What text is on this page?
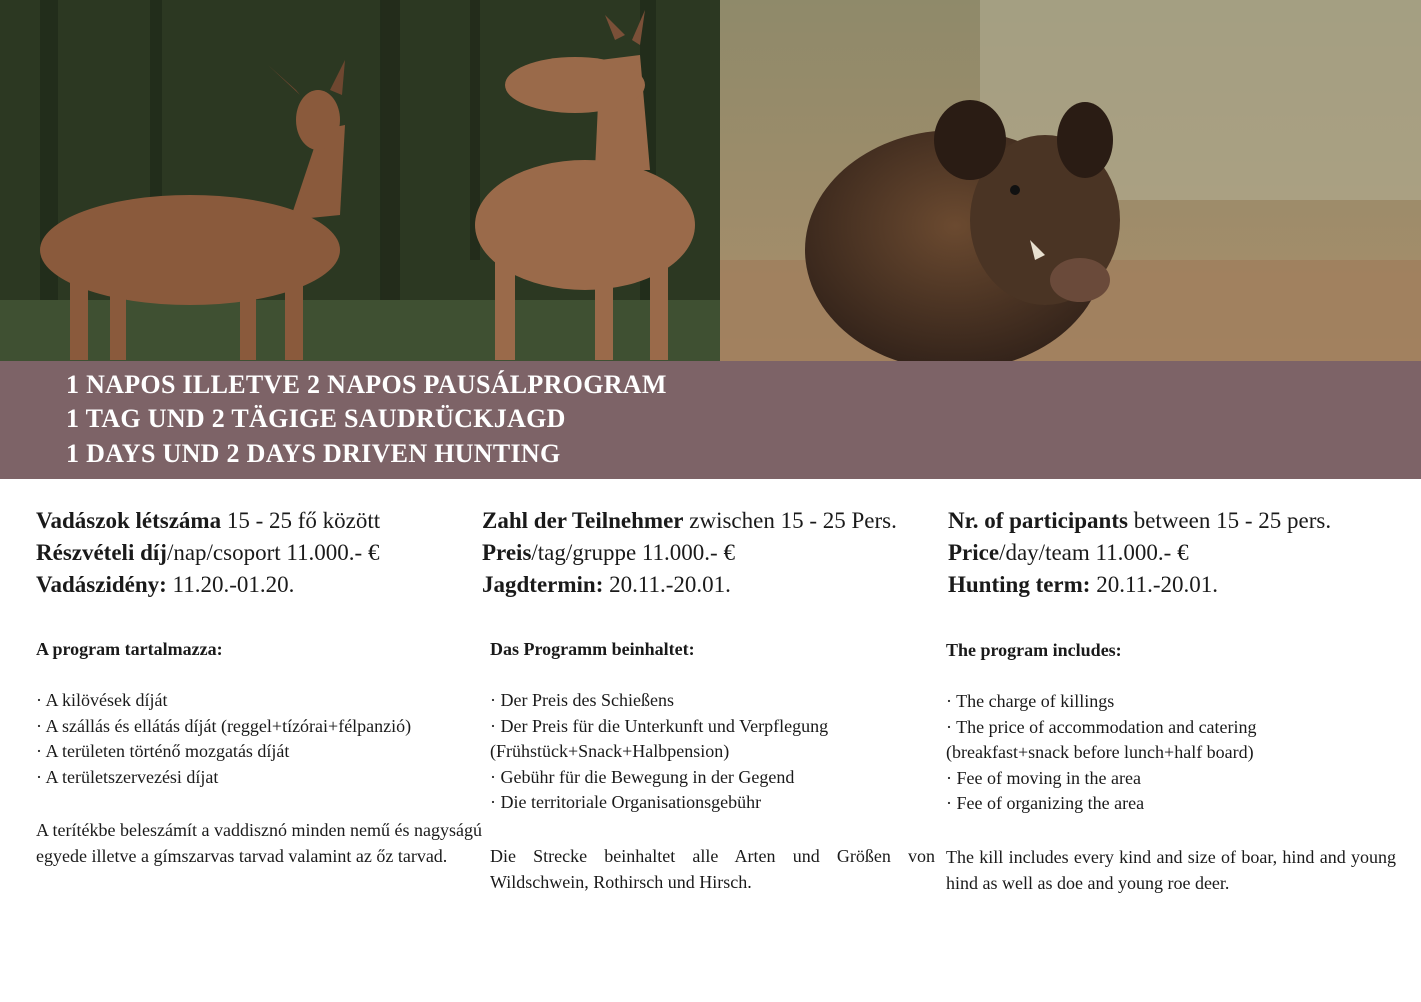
1 NAPOS ILLETVE 2 NAPOS PAUSÁLPROGRAM
1 TAG UND 2 TÄGIGE SAUDRÜCKJAGD
1 DAYS UND 2 DAYS DRIVEN HUNTING
Vadászok létszáma 15 - 25 fő között
Részvételi díj/nap/csoport 11.000.- €
Vadászidény: 11.20.-01.20.
A program tartalmazza:
· A kilövések díját
· A szállás és ellátás díját (reggel+tízórai+félpanzió)
· A területen történő mozgatás díját
· A területszervezési díjat

A terítékbe beleszámít a vaddisznó minden nemű és nagyságú egyede illetve a gímszarvas tarvad valamint az őz tarvad.

Zahl der Teilnehmer zwischen 15 - 25 Pers.
Preis/tag/gruppe 11.000.- €
Jagdtermin: 20.11.-20.01.
Das Programm beinhaltet:
· Der Preis des Schießens
· Der Preis für die Unterkunft und Verpflegung
(Frühstück+Snack+Halbpension)
· Gebühr für die Bewegung in der Gegend
· Die territoriale Organisationsgebühr

Die Strecke beinhaltet alle Arten und Größen von Wildschwein, Rothirsch und Hirsch.

Nr. of participants between 15 - 25 pers.
Price/day/team 11.000.- €
Hunting term: 20.11.-20.01.
The program includes:
· The charge of killings
· The price of accommodation and catering
(breakfast+snack before lunch+half board)
· Fee of moving in the area
· Fee of organizing the area

The kill includes every kind and size of boar, hind and young hind as well as doe and young roe deer.
